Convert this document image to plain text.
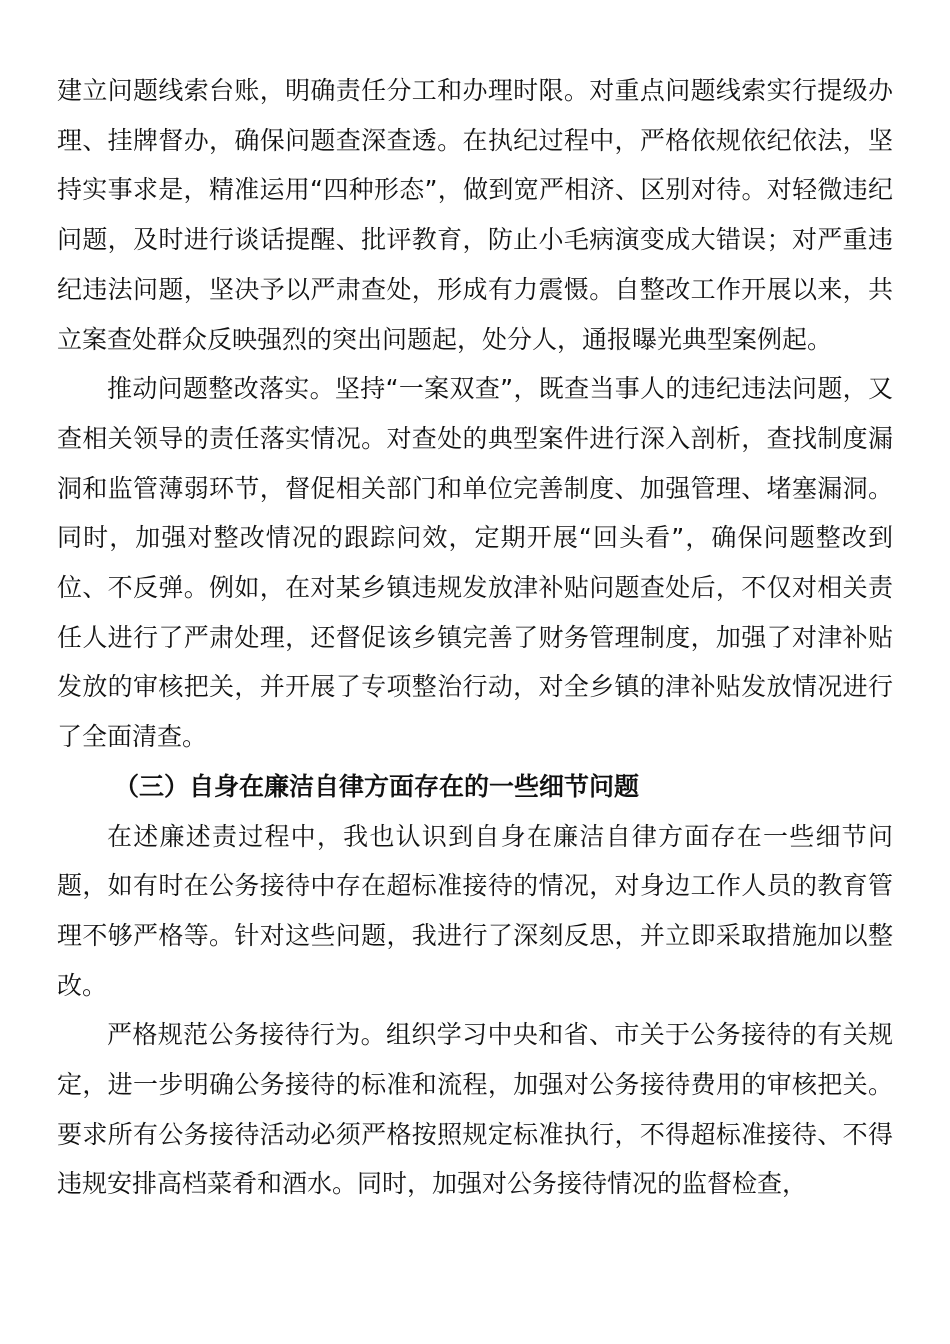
建立问题线索台账，明确责任分工和办理时限。对重点问题线索实行提级办理、挂牌督办，确保问题查深查透。在执纪过程中，严格依规依纪依法，坚持实事求是，精准运用“四种形态”，做到宽严相济、区别对待。对轻微违纪问题，及时进行谈话提醒、批评教育，防止小毛病演变成大错误；对严重违纪违法问题，坚决予以严肃查处，形成有力震慑。自整改工作开展以来，共立案查处群众反映强烈的突出问题起，处分人，通报曝光典型案例起。

推动问题整改落实。坚持“一案双查”，既查当事人的违纪违法问题，又查相关领导的责任落实情况。对查处的典型案件进行深入剖析，查找制度漏洞和监管薄弱环节，督促相关部门和单位完善制度、加强管理、堵塞漏洞。同时，加强对整改情况的跟踪问效，定期开展“回头看”，确保问题整改到位、不反弹。例如，在对某乡镇违规发放津补贴问题查处后，不仅对相关责任人进行了严肃处理，还督促该乡镇完善了财务管理制度，加强了对津补贴发放的审核把关，并开展了专项整治行动，对全乡镇的津补贴发放情况进行了全面清查。

（三）自身在廉洁自律方面存在的一些细节问题

在述廉述责过程中，我也认识到自身在廉洁自律方面存在一些细节问题，如有时在公务接待中存在超标准接待的情况，对身边工作人员的教育管理不够严格等。针对这些问题，我进行了深刻反思，并立即采取措施加以整改。

严格规范公务接待行为。组织学习中央和省、市关于公务接待的有关规定，进一步明确公务接待的标准和流程，加强对公务接待费用的审核把关。要求所有公务接待活动必须严格按照规定标准执行，不得超标准接待、不得违规安排高档菜肴和酒水。同时，加强对公务接待情况的监督检查，
